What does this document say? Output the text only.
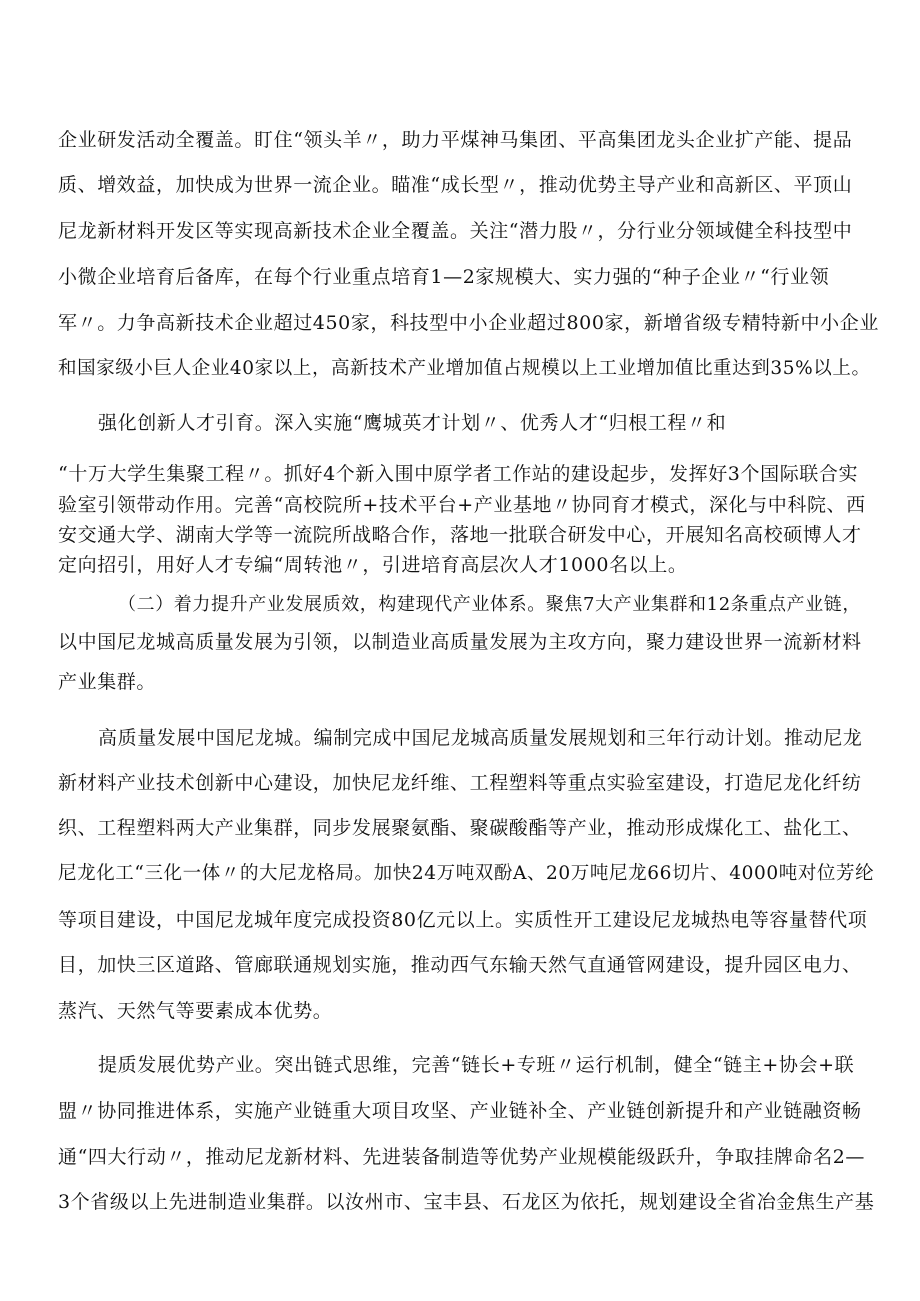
企业研发活动全覆盖。盯住“领头羊〃，助力平煤神马集团、平高集团龙头企业扩产能、提品
质、增效益，加快成为世界一流企业。瞄准“成长型〃，推动优势主导产业和高新区、平顶山
尼龙新材料开发区等实现高新技术企业全覆盖。关注“潜力股〃，分行业分领域健全科技型中
小微企业培育后备库，在每个行业重点培育1—2家规模大、实力强的“种子企业〃“行业领
军〃。力争高新技术企业超过450家，科技型中小企业超过800家，新增省级专精特新中小企业
和国家级小巨人企业40家以上，高新技术产业增加值占规模以上工业增加值比重达到35%以上。
强化创新人才引育。深入实施“鹰城英才计划〃、优秀人才“归根工程〃和
“十万大学生集聚工程〃。抓好4个新入围中原学者工作站的建设起步，发挥好3个国际联合实
验室引领带动作用。完善“高校院所+技术平台+产业基地〃协同育才模式，深化与中科院、西
安交通大学、湖南大学等一流院所战略合作，落地一批联合研发中心，开展知名高校硕博人才
定向招引，用好人才专编“周转池〃，引进培育高层次人才1000名以上。
（二）着力提升产业发展质效，构建现代产业体系。聚焦7大产业集群和12条重点产业链，
以中国尼龙城高质量发展为引领，以制造业高质量发展为主攻方向，聚力建设世界一流新材料
产业集群。
高质量发展中国尼龙城。编制完成中国尼龙城高质量发展规划和三年行动计划。推动尼龙
新材料产业技术创新中心建设，加快尼龙纤维、工程塑料等重点实验室建设，打造尼龙化纤纺
织、工程塑料两大产业集群，同步发展聚氨酯、聚碳酸酯等产业，推动形成煤化工、盐化工、
尼龙化工“三化一体〃的大尼龙格局。加快24万吨双酚A、20万吨尼龙66切片、4000吨对位芳纶
等项目建设，中国尼龙城年度完成投资80亿元以上。实质性开工建设尼龙城热电等容量替代项
目，加快三区道路、管廊联通规划实施，推动西气东输天然气直通管网建设，提升园区电力、
蒸汽、天然气等要素成本优势。
提质发展优势产业。突出链式思维，完善“链长+专班〃运行机制，健全“链主+协会+联
盟〃协同推进体系，实施产业链重大项目攻坚、产业链补全、产业链创新提升和产业链融资畅
通“四大行动〃，推动尼龙新材料、先进装备制造等优势产业规模能级跃升，争取挂牌命名2—
3个省级以上先进制造业集群。以汝州市、宝丰县、石龙区为依托，规划建设全省冶金焦生产基
